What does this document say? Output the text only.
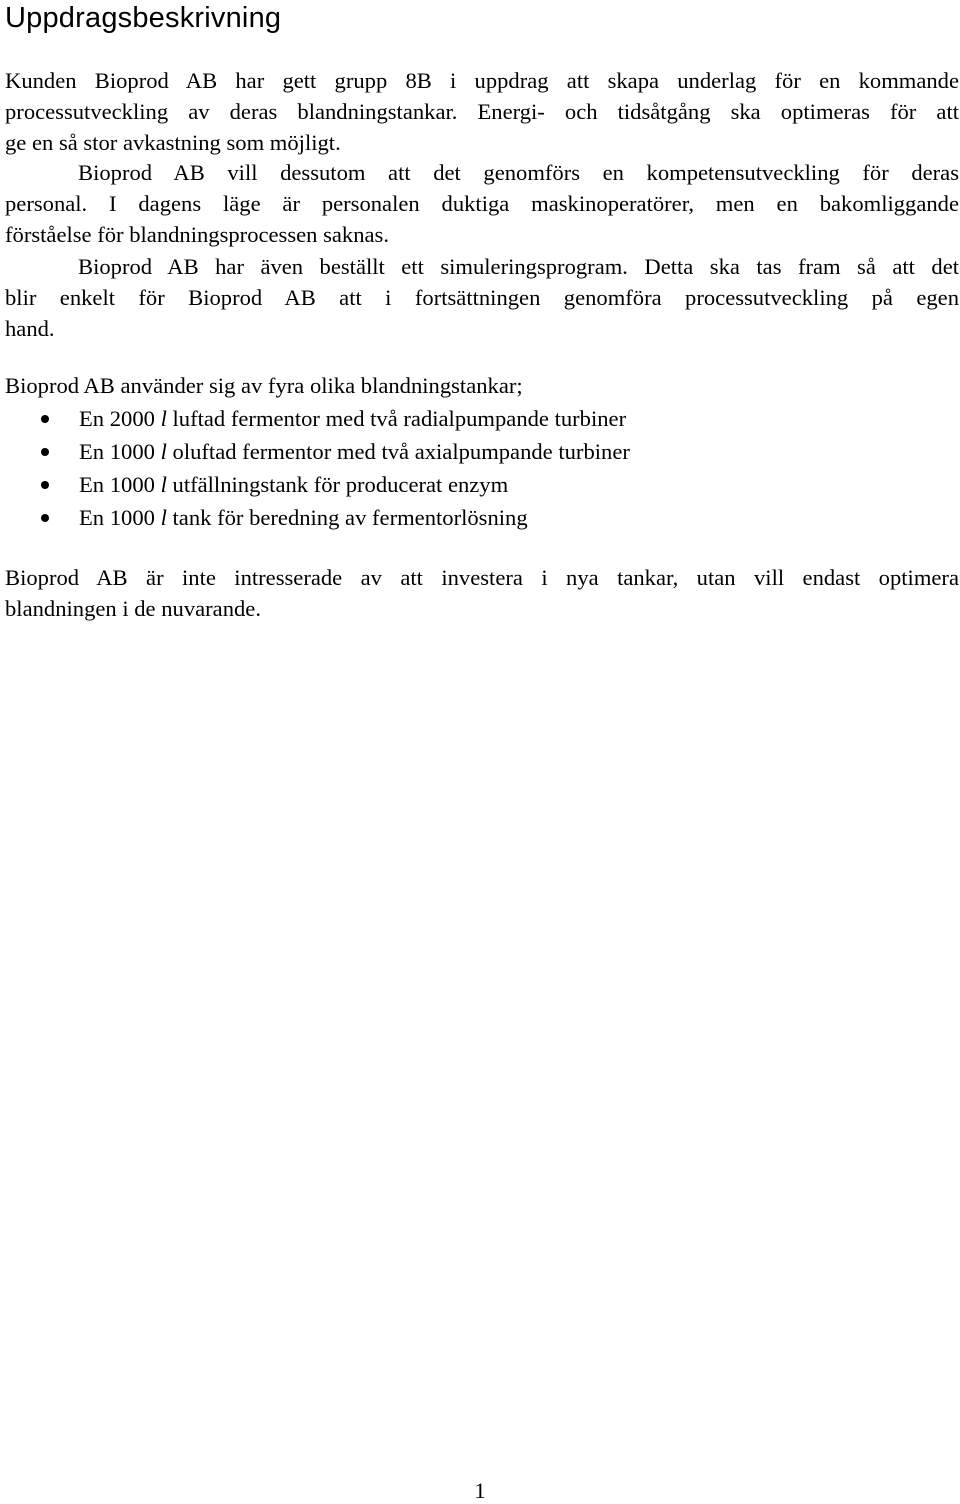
Uppdragsbeskrivning

Kunden Bioprod AB har gett grupp 8B i uppdrag att skapa underlag för en kommande
processutveckling av deras blandningstankar. Energi- och tidsåtgång ska optimeras för att
ge en så stor avkastning som möjligt.

Bioprod AB vill dessutom att det genomförs en kompetensutveckling för deras
personal. I dagens läge är personalen duktiga maskinoperatörer, men en bakomliggande
förståelse för blandningsprocessen saknas.

Bioprod AB har även beställt ett simuleringsprogram. Detta ska tas fram så att det
blir enkelt för Bioprod AB att i fortsättningen genomföra processutveckling på egen
hand.

Bioprod AB använder sig av fyra olika blandningstankar;

En 2000 l luftad fermentor med två radialpumpande turbiner
En 1000 l oluftad fermentor med två axialpumpande turbiner
En 1000 l utfällningstank för producerat enzym
En 1000 l tank för beredning av fermentorlösning

Bioprod AB är inte intresserade av att investera i nya tankar, utan vill endast optimera
blandningen i de nuvarande.

1
